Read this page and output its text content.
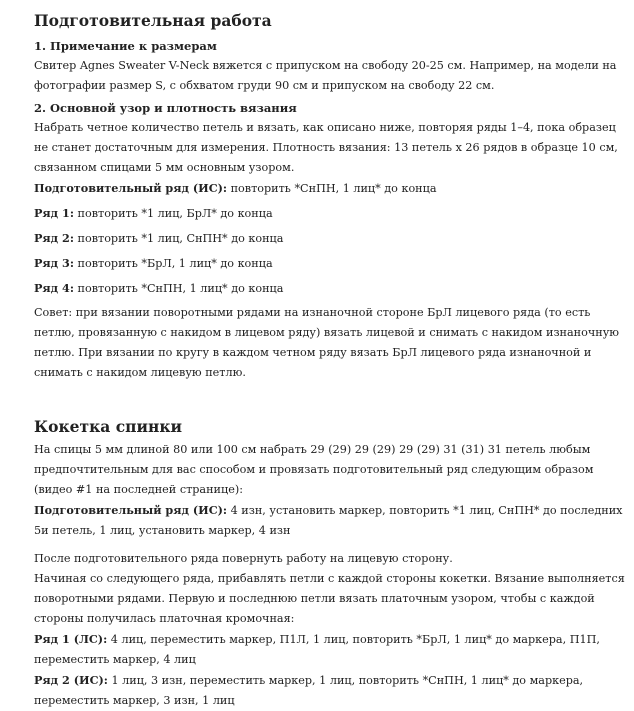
Подготовительная работа
1. Примечание к размерам

Свитер Agnes Sweater V-Neck вяжется с припуском на свободу 20-25 см. Например, на модели на фотографии размер S, с обхватом груди 90 см и припуском на свободу 22 см.

2. Основной узор и плотность вязания

Набрать четное количество петель и вязать, как описано ниже, повторяя ряды 1–4, пока образец не станет достаточным для измерения. Плотность вязания: 13 петель х 26 рядов в образце 10 см, связанном спицами 5 мм основным узором.

Подготовительный ряд (ИС): повторить *СнПН, 1 лиц* до конца

Ряд 1: повторить *1 лиц, БрЛ* до конца

Ряд 2: повторить *1 лиц, СнПН* до конца

Ряд 3: повторить *БрЛ, 1 лиц* до конца

Ряд 4: повторить *СнПН, 1 лиц* до конца

Совет: при вязании поворотными рядами на изнаночной стороне БрЛ лицевого ряда (то есть петлю, провязанную с накидом в лицевом ряду) вязать лицевой и снимать с накидом изнаночную петлю. При вязании по кругу в каждом четном ряду вязать БрЛ лицевого ряда изнаночной и снимать с накидом лицевую петлю.

Кокетка спинки

На спицы 5 мм длиной 80 или 100 см набрать 29 (29) 29 (29) 29 (29) 31 (31) 31 петель любым предпочтительным для вас способом и провязать подготовительный ряд следующим образом (видео #1 на последней странице):

Подготовительный ряд (ИС): 4 изн, установить маркер, повторить *1 лиц, СнПН* до последних 5и петель, 1 лиц, установить маркер, 4 изн

После подготовительного ряда повернуть работу на лицевую сторону.

Начиная со следующего ряда, прибавлять петли с каждой стороны кокетки. Вязание выполняется поворотными рядами. Первую и последнюю петли вязать платочным узором, чтобы с каждой стороны получилась платочная кромочная:

Ряд 1 (ЛС): 4 лиц, переместить маркер, П1Л, 1 лиц, повторить *БрЛ, 1 лиц* до маркера, П1П, переместить маркер, 4 лиц

Ряд 2 (ИС): 1 лиц, 3 изн, переместить маркер, 1 лиц, повторить *СнПН, 1 лиц* до маркера, переместить маркер, 3 изн, 1 лиц
